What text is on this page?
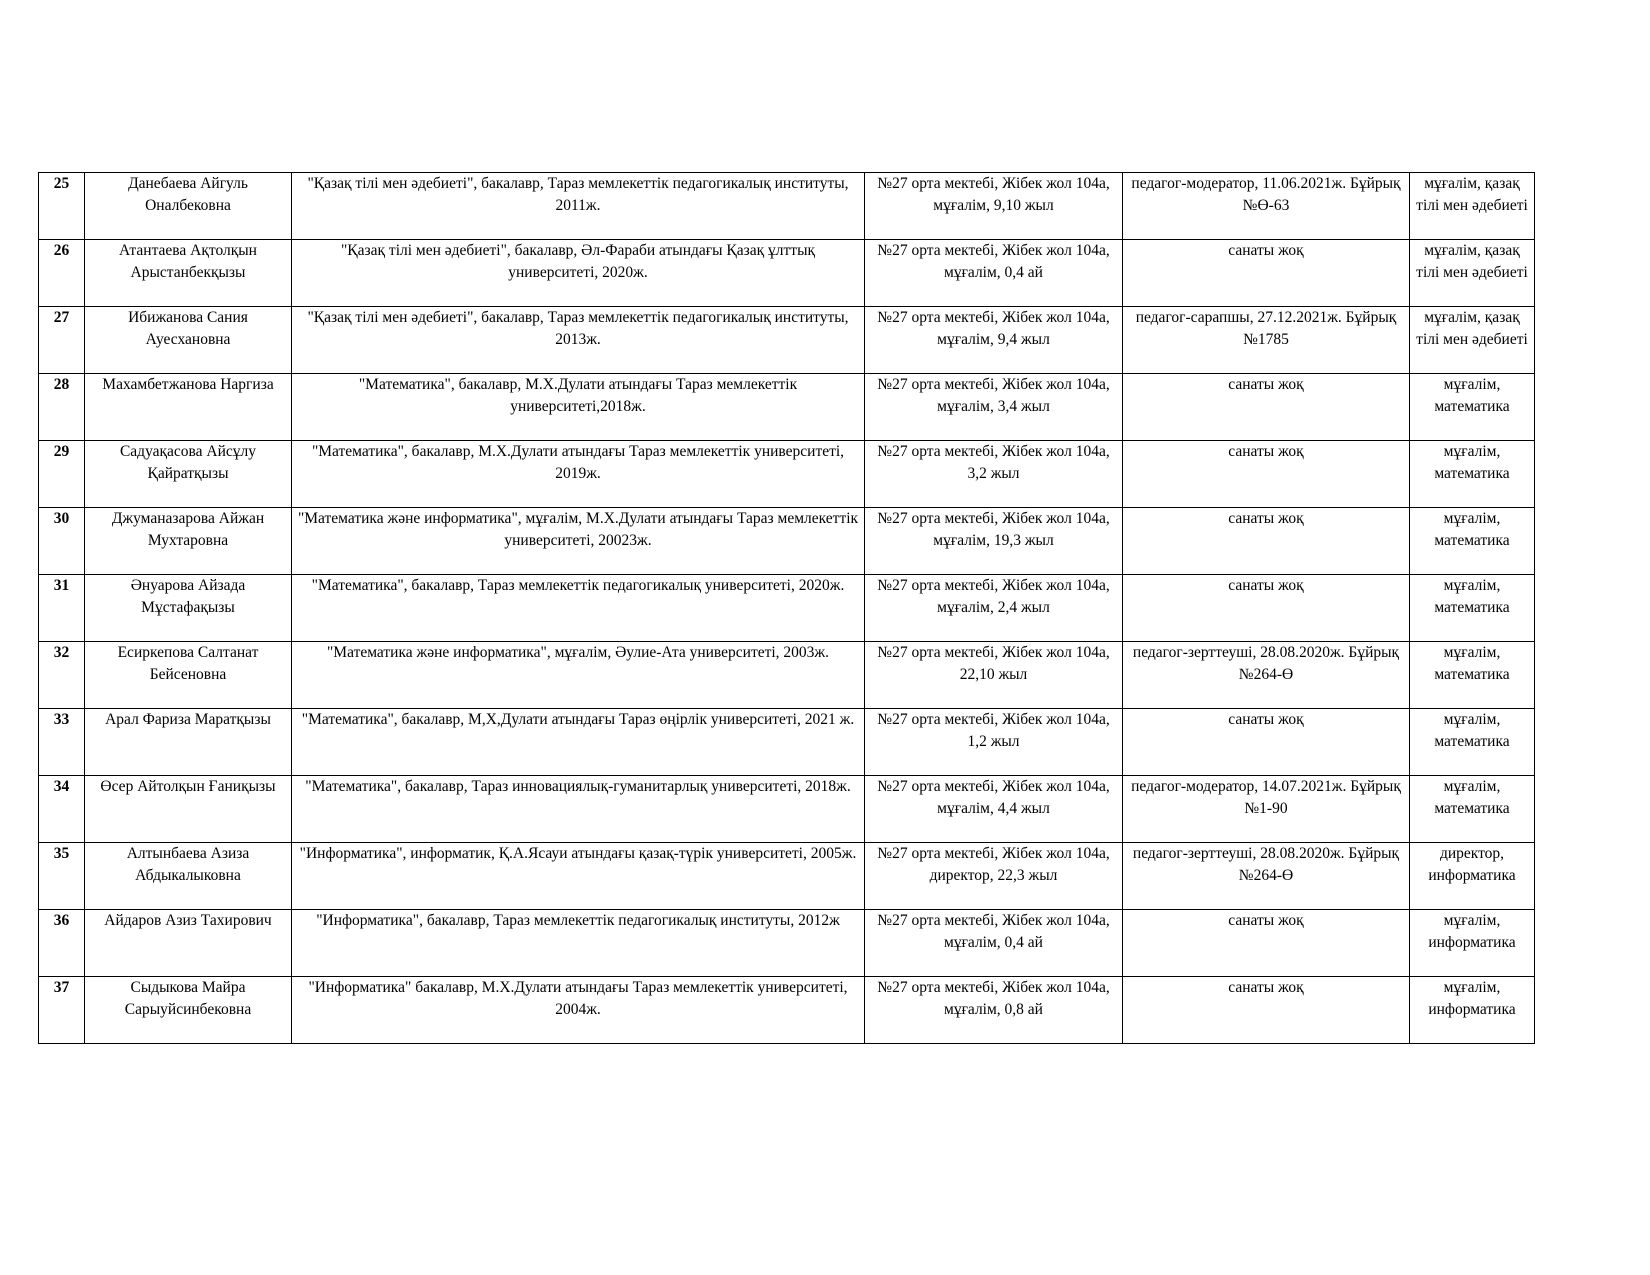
25	Данебаева Айгуль Оналбековна	"Қазақ тілі мен әдебиеті", бакалавр, Тараз мемлекеттік педагогикалық институты, 2011ж.	№27 орта мектебі, Жібек жол 104а, мұғалім, 9,10 жыл	педагог-модератор, 11.06.2021ж. Бұйрық №Ө-63	мұғалім, қазақ тілі мен әдебиеті
26	Атантаева Ақтолқын Арыстанбекқызы	"Қазақ тілі мен әдебиеті", бакалавр, Әл-Фараби атындағы Қазақ ұлттық университеті, 2020ж.	№27 орта мектебі, Жібек жол 104а, мұғалім, 0,4 ай	санаты жоқ	мұғалім, қазақ тілі мен әдебиеті
27	Ибижанова Сания Ауесхановна	"Қазақ тілі мен әдебиеті", бакалавр, Тараз мемлекеттік педагогикалық институты, 2013ж.	№27 орта мектебі, Жібек жол 104а, мұғалім, 9,4 жыл	педагог-сарапшы, 27.12.2021ж. Бұйрық №1785	мұғалім, қазақ тілі мен әдебиеті
28	Махамбетжанова Наргиза	"Математика", бакалавр, М.Х.Дулати атындағы Тараз мемлекеттік университеті,2018ж.	№27 орта мектебі, Жібек жол 104а, мұғалім, 3,4 жыл	санаты жоқ	мұғалім, математика
29	Садуақасова Айсұлу Қайратқызы	"Математика", бакалавр, М.Х.Дулати атындағы Тараз мемлекеттік университеті, 2019ж.	№27 орта мектебі, Жібек жол 104а, 3,2 жыл	санаты жоқ	мұғалім, математика
30	Джуманазарова Айжан Мухтаровна	"Математика және информатика", мұғалім, М.Х.Дулати атындағы Тараз мемлекеттік университеті, 20023ж.	№27 орта мектебі, Жібек жол 104а, мұғалім, 19,3 жыл	санаты жоқ	мұғалім, математика
31	Әнуарова Айзада Мұстафақызы	"Математика", бакалавр, Тараз мемлекеттік педагогикалық университеті, 2020ж.	№27 орта мектебі, Жібек жол 104а, мұғалім, 2,4 жыл	санаты жоқ	мұғалім, математика
32	Есиркепова Салтанат Бейсеновна	"Математика және информатика", мұғалім, Әулие-Ата университеті, 2003ж.	№27 орта мектебі, Жібек жол 104а, 22,10 жыл	педагог-зерттеуші, 28.08.2020ж. Бұйрық №264-Ө	мұғалім, математика
33	Арал Фариза Маратқызы	"Математика", бакалавр, М,Х,Дулати атындағы Тараз өңірлік университеті, 2021 ж.	№27 орта мектебі, Жібек жол 104а, 1,2 жыл	санаты жоқ	мұғалім, математика
34	Өсер Айтолқын Ғаниқызы	"Математика", бакалавр, Тараз инновациялық-гуманитарлық университеті, 2018ж.	№27 орта мектебі, Жібек жол 104а, мұғалім, 4,4 жыл	педагог-модератор, 14.07.2021ж. Бұйрық №1-90	мұғалім, математика
35	Алтынбаева Азиза Абдыкалыковна	"Информатика", информатик, Қ.А.Ясауи атындағы қазақ-түрік университеті, 2005ж.	№27 орта мектебі, Жібек жол 104а, директор, 22,3 жыл	педагог-зерттеуші, 28.08.2020ж. Бұйрық №264-Ө	директор, информатика
36	Айдаров Азиз Тахирович	"Информатика", бакалавр, Тараз мемлекеттік педагогикалық институты, 2012ж	№27 орта мектебі, Жібек жол 104а, мұғалім, 0,4 ай	санаты жоқ	мұғалім, информатика
37	Сыдыкова Майра Сарыуйсинбековна	"Информатика" бакалавр, М.Х.Дулати атындағы Тараз мемлекеттік университеті, 2004ж.	№27 орта мектебі, Жібек жол 104а, мұғалім, 0,8 ай	санаты жоқ	мұғалім, информатика
